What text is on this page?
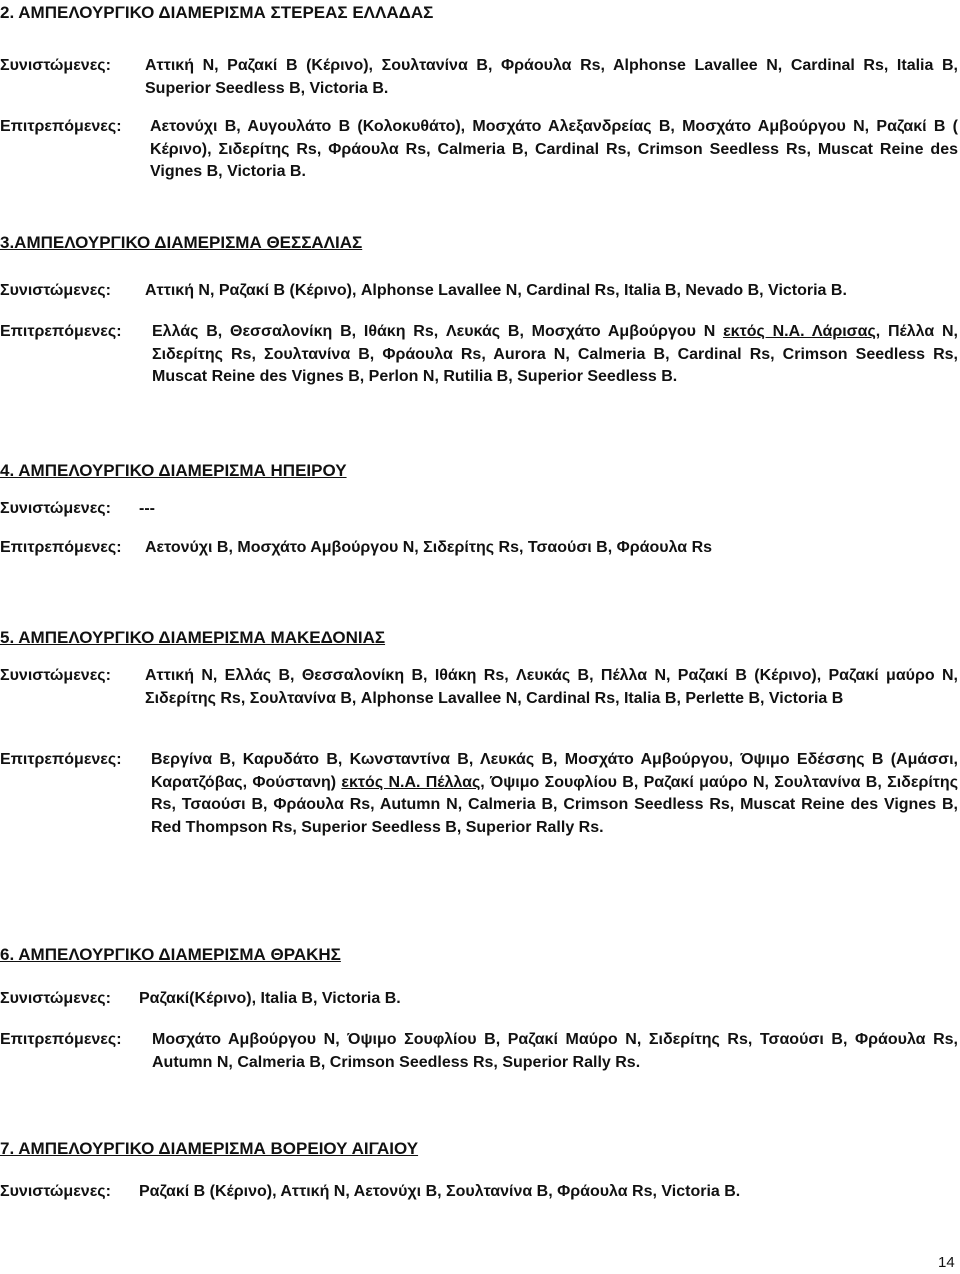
2. ΑΜΠΕΛΟΥΡΓΙΚΟ ΔΙΑΜΕΡΙΣΜΑ ΣΤΕΡΕΑΣ ΕΛΛΑΔΑΣ
Συνιστώμενες:	Αττική Ν, Ραζακί Β (Κέρινο), Σουλτανίνα Β, Φράουλα Rs, Alphonse Lavallee N, Cardinal Rs, Italia B, Superior Seedless B, Victoria B.
Επιτρεπόμενες:	Αετονύχι Β, Αυγουλάτο Β (Κολοκυθάτο), Μοσχάτο Αλεξανδρείας Β, Μοσχάτο Αμβούργου Ν, Ραζακί Β ( Κέρινο), Σιδερίτης Rs, Φράουλα Rs, Calmeria B, Cardinal Rs, Crimson Seedless Rs, Muscat Reine des Vignes B, Victoria B.
3.ΑΜΠΕΛΟΥΡΓΙΚΟ ΔΙΑΜΕΡΙΣΜΑ ΘΕΣΣΑΛΙΑΣ
Συνιστώμενες:	Αττική Ν, Ραζακί Β (Κέρινο), Alphonse Lavallee N, Cardinal Rs, Italia B, Nevado B, Victoria B.
Επιτρεπόμενες:	Ελλάς Β, Θεσσαλονίκη Β, Ιθάκη Rs, Λευκάς Β, Μοσχάτο Αμβούργου Ν εκτός Ν.Α. Λάρισας, Πέλλα Ν, Σιδερίτης Rs, Σουλτανίνα Β, Φράουλα Rs, Aurora N, Calmeria B, Cardinal Rs, Crimson Seedless Rs, Muscat Reine des Vignes B, Perlon N, Rutilia B, Superior Seedless B.
4. ΑΜΠΕΛΟΥΡΓΙΚΟ ΔΙΑΜΕΡΙΣΜΑ ΗΠΕΙΡΟΥ
Συνιστώμενες:	---
Επιτρεπόμενες:	Αετονύχι Β, Μοσχάτο Αμβούργου Ν, Σιδερίτης Rs, Τσαούσι Β, Φράουλα Rs
5. ΑΜΠΕΛΟΥΡΓΙΚΟ ΔΙΑΜΕΡΙΣΜΑ ΜΑΚΕΔΟΝΙΑΣ
Συνιστώμενες:	Αττική Ν, Ελλάς Β, Θεσσαλονίκη Β, Ιθάκη Rs, Λευκάς Β, Πέλλα Ν, Ραζακί Β (Κέρινο), Ραζακί μαύρο Ν, Σιδερίτης Rs, Σουλτανίνα Β, Alphonse Lavallee N, Cardinal Rs, Italia B, Perlette B, Victoria B
Επιτρεπόμενες:	Βεργίνα Β, Καρυδάτο Β, Κωνσταντίνα Β, Λευκάς Β, Μοσχάτο Αμβούργου, Όψιμο Εδέσσης Β (Αμάσσι, Καρατζόβας, Φούστανη) εκτός Ν.Α. Πέλλας, Όψιμο Σουφλίου Β, Ραζακί μαύρο Ν, Σουλτανίνα Β, Σιδερίτης Rs, Τσαούσι Β, Φράουλα Rs, Autumn N, Calmeria B, Crimson Seedless Rs, Muscat Reine des Vignes B, Red Thompson Rs, Superior Seedless B, Superior Rally Rs.
6. ΑΜΠΕΛΟΥΡΓΙΚΟ ΔΙΑΜΕΡΙΣΜΑ ΘΡΑΚΗΣ
Συνιστώμενες:	Ραζακί(Κέρινο), Italia B, Victoria B.
Επιτρεπόμενες:	Μοσχάτο Αμβούργου Ν, Όψιμο Σουφλίου Β, Ραζακί Μαύρο Ν, Σιδερίτης Rs, Τσαούσι Β, Φράουλα Rs, Autumn N, Calmeria B, Crimson Seedless Rs, Superior Rally Rs.
7. ΑΜΠΕΛΟΥΡΓΙΚΟ ΔΙΑΜΕΡΙΣΜΑ ΒΟΡΕΙΟΥ ΑΙΓΑΙΟΥ
Συνιστώμενες:	Ραζακί Β (Κέρινο), Αττική Ν, Αετονύχι Β, Σουλτανίνα Β, Φράουλα Rs, Victoria B.
14
